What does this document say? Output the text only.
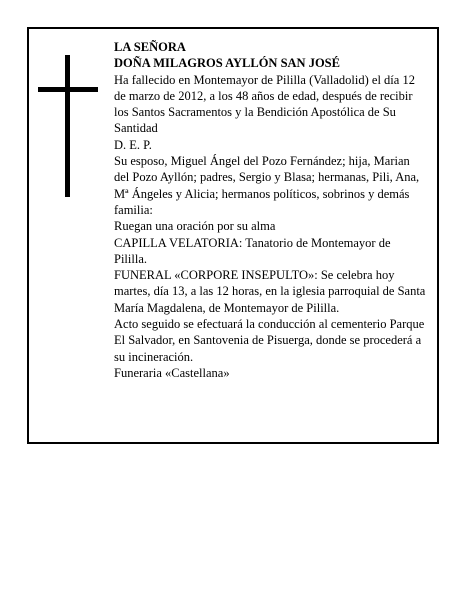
LA SEÑORA

DOÑA MILAGROS AYLLÓN SAN JOSÉ

Ha fallecido en Montemayor de Pililla (Valladolid) el día 12 de marzo de 2012, a los 48 años de edad, después de recibir los Santos Sacramentos y la Bendición Apostólica de Su Santidad

D. E. P.

Su esposo, Miguel Ángel del Pozo Fernández; hija, Marian del Pozo Ayllón; padres, Sergio y Blasa; hermanas, Pili, Ana, Mª Ángeles y Alicia; hermanos políticos, sobrinos y demás familia:

Ruegan una oración por su alma

CAPILLA VELATORIA: Tanatorio de Montemayor de Pililla.

FUNERAL «CORPORE INSEPULTO»: Se celebra hoy martes, día 13, a las 12 horas, en la iglesia parroquial de Santa María Magdalena, de Montemayor de Pililla.

Acto seguido se efectuará la conducción al cementerio Parque El Salvador, en Santovenia de Pisuerga, donde se procederá a su incineración.

Funeraria «Castellana»
